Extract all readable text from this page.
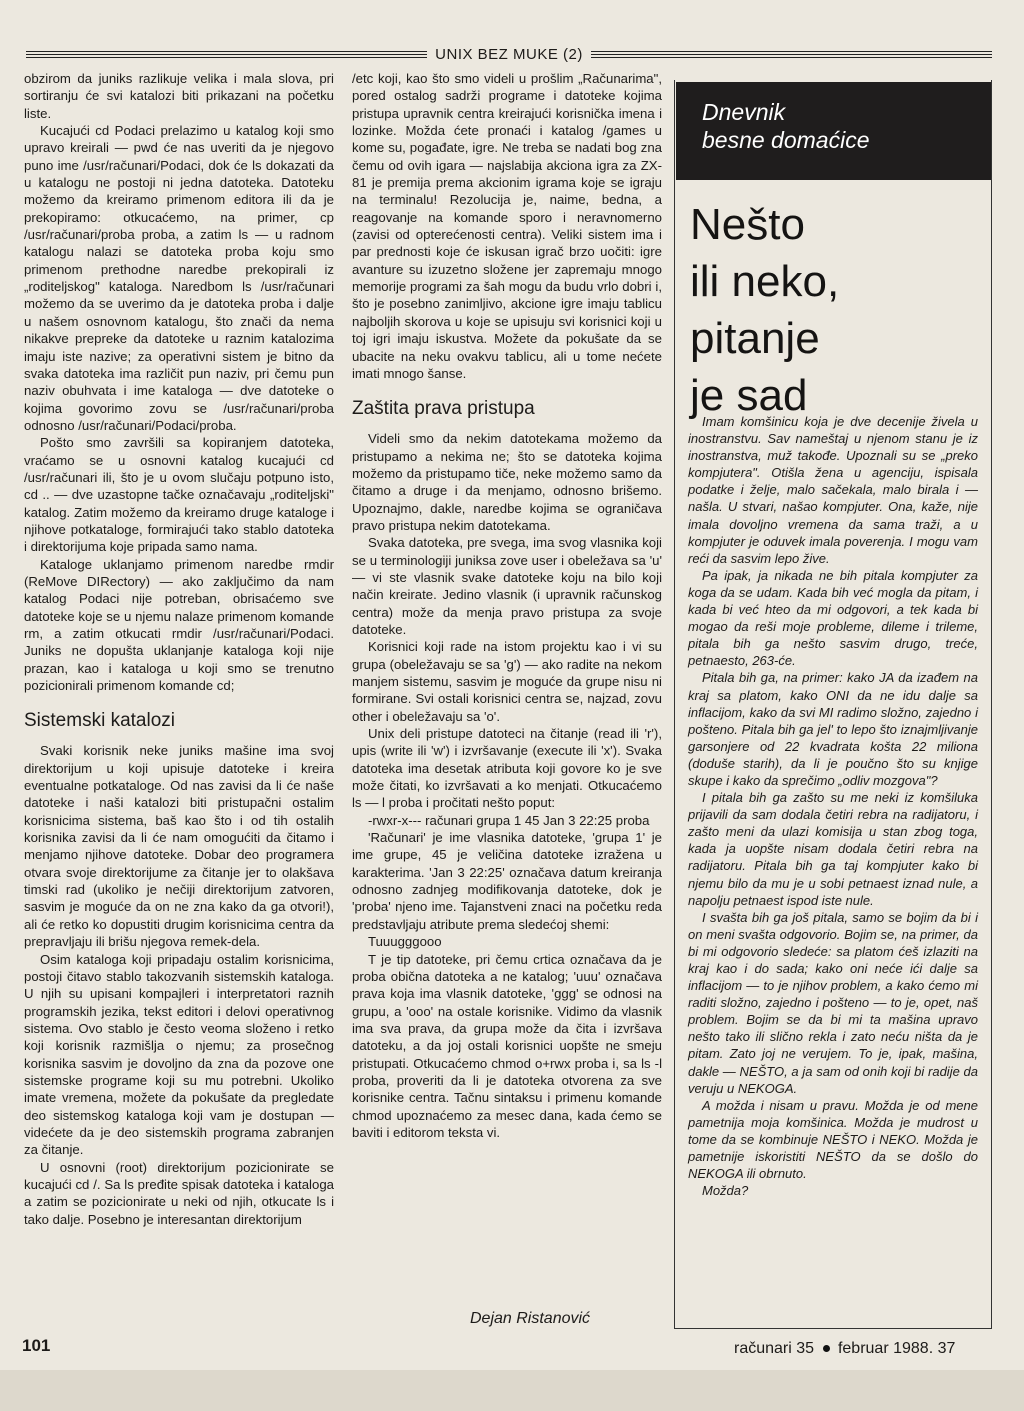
UNIX BEZ MUKE (2)

obzirom da juniks razlikuje velika i mala slova, pri sortiranju će svi katalozi biti prikazani na početku liste.

Kucajući cd Podaci prelazimo u katalog koji smo upravo kreirali — pwd će nas uveriti da je njegovo puno ime /usr/računari/Podaci, dok će ls dokazati da u katalogu ne postoji ni jedna datoteka. Datoteku možemo da kreiramo primenom editora ili da je prekopiramo: otkucaćemo, na primer, cp /usr/računari/proba proba, a zatim ls — u radnom katalogu nalazi se datoteka proba koju smo primenom prethodne naredbe prekopirali iz „roditeljskog" kataloga. Naredbom ls /usr/računari možemo da se uverimo da je datoteka proba i dalje u našem osnovnom katalogu, što znači da nema nikakve prepreke da datoteke u raznim katalozima imaju iste nazive; za operativni sistem je bitno da svaka datoteka ima različit pun naziv, pri čemu pun naziv obuhvata i ime kataloga — dve datoteke o kojima govorimo zovu se /usr/računari/proba odnosno /usr/računari/Podaci/proba.

Pošto smo završili sa kopiranjem datoteka, vraćamo se u osnovni katalog kucajući cd /usr/računari ili, što je u ovom slučaju potpuno isto, cd .. — dve uzastopne tačke označavaju „roditeljski" katalog. Zatim možemo da kreiramo druge kataloge i njihove potkataloge, formirajući tako stablo datoteka i direktorijuma koje pripada samo nama.

Kataloge uklanjamo primenom naredbe rmdir (ReMove DIRectory) — ako zaključimo da nam katalog Podaci nije potreban, obrisaćemo sve datoteke koje se u njemu nalaze primenom komande rm, a zatim otkucati rmdir /usr/računari/Podaci. Juniks ne dopušta uklanjanje kataloga koji nije prazan, kao i kataloga u koji smo se trenutno pozicionirali primenom komande cd;

Sistemski katalozi

Svaki korisnik neke juniks mašine ima svoj direktorijum u koji upisuje datoteke i kreira eventualne potkataloge. Od nas zavisi da li će naše datoteke i naši katalozi biti pristupačni ostalim korisnicima sistema, baš kao što i od tih ostalih korisnika zavisi da li će nam omogućiti da čitamo i menjamo njihove datoteke. Dobar deo programera otvara svoje direktorijume za čitanje jer to olakšava timski rad (ukoliko je nečiji direktorijum zatvoren, sasvim je moguće da on ne zna kako da ga otvori!), ali će retko ko dopustiti drugim korisnicima centra da prepravljaju ili brišu njegova remek-dela.

Osim kataloga koji pripadaju ostalim korisnicima, postoji čitavo stablo takozvanih sistemskih kataloga. U njih su upisani kompajleri i interpretatori raznih programskih jezika, tekst editori i delovi operativnog sistema. Ovo stablo je često veoma složeno i retko koji korisnik razmišlja o njemu; za prosečnog korisnika sasvim je dovoljno da zna da pozove one sistemske programe koji su mu potrebni. Ukoliko imate vremena, možete da pokušate da pregledate deo sistemskog kataloga koji vam je dostupan — videćete da je deo sistemskih programa zabranjen za čitanje.

U osnovni (root) direktorijum pozicionirate se kucajući cd /. Sa ls pređite spisak datoteka i kataloga a zatim se pozicionirate u neki od njih, otkucate ls i tako dalje. Posebno je interesantan direktorijum

/etc koji, kao što smo videli u prošlim „Računarima", pored ostalog sadrži programe i datoteke kojima pristupa upravnik centra kreirajući korisnička imena i lozinke. Možda ćete pronaći i katalog /games u kome su, pogađate, igre. Ne treba se nadati bog zna čemu od ovih igara — najslabija akciona igra za ZX-81 je premija prema akcionim igrama koje se igraju na terminalu! Rezolucija je, naime, bedna, a reagovanje na komande sporo i neravnomerno (zavisi od opterećenosti centra). Veliki sistem ima i par prednosti koje će iskusan igrač brzo uočiti: igre avanture su izuzetno složene jer zapremaju mnogo memorije programi za šah mogu da budu vrlo dobri i, što je posebno zanimljivo, akcione igre imaju tablicu najboljih skorova u koje se upisuju svi korisnici koji u toj igri imaju iskustva. Možete da pokušate da se ubacite na neku ovakvu tablicu, ali u tome nećete imati mnogo šanse.

Zaštita prava pristupa

Videli smo da nekim datotekama možemo da pristupamo a nekima ne; što se datoteka kojima možemo da pristupamo tiče, neke možemo samo da čitamo a druge i da menjamo, odnosno brišemo. Upoznajmo, dakle, naredbe kojima se ograničava pravo pristupa nekim datotekama.

Svaka datoteka, pre svega, ima svog vlasnika koji se u terminologiji juniksa zove user i obeležava sa 'u' — vi ste vlasnik svake datoteke koju na bilo koji način kreirate. Jedino vlasnik (i upravnik računskog centra) može da menja pravo pristupa za svoje datoteke.

Korisnici koji rade na istom projektu kao i vi su grupa (obeležavaju se sa 'g') — ako radite na nekom manjem sistemu, sasvim je moguće da grupe nisu ni formirane. Svi ostali korisnici centra se, najzad, zovu other i obeležavaju sa 'o'.

Unix deli pristupe datoteci na čitanje (read ili 'r'), upis (write ili 'w') i izvršavanje (execute ili 'x'). Svaka datoteka ima desetak atributa koji govore ko je sve može čitati, ko izvršavati a ko menjati. Otkucaćemo ls — l proba i pročitati nešto poput:

-rwxr-x--- računari grupa 1 45 Jan 3 22:25 proba

'Računari' je ime vlasnika datoteke, 'grupa 1' je ime grupe, 45 je veličina datoteke izražena u karakterima. 'Jan 3 22:25' označava datum kreiranja odnosno zadnjeg modifikovanja datoteke, dok je 'proba' njeno ime. Tajanstveni znaci na početku reda predstavljaju atribute prema sledećoj shemi:

Tuuugggooo

T je tip datoteke, pri čemu crtica označava da je proba obična datoteka a ne katalog; 'uuu' označava prava koja ima vlasnik datoteke, 'ggg' se odnosi na grupu, a 'ooo' na ostale korisnike. Vidimo da vlasnik ima sva prava, da grupa može da čita i izvršava datoteku, a da joj ostali korisnici uopšte ne smeju pristupati. Otkucaćemo chmod o+rwx proba i, sa ls -l proba, proveriti da li je datoteka otvorena za sve korisnike centra. Tačnu sintaksu i primenu komande chmod upoznaćemo za mesec dana, kada ćemo se baviti i editorom teksta vi.

Dejan Ristanović
Dnevnik
besne domaćice
Nešto
ili neko,
pitanje
je sad

Imam komšinicu koja je dve decenije živela u inostranstvu. Sav nameštaj u njenom stanu je iz inostranstva, muž takođe. Upoznali su se „preko kompjutera". Otišla žena u agenciju, ispisala podatke i želje, malo sačekala, malo birala i — našla. U stvari, našao kompjuter. Ona, kaže, nije imala dovoljno vremena da sama traži, a u kompjuter je oduvek imala poverenja. I mogu vam reći da sasvim lepo žive.

Pa ipak, ja nikada ne bih pitala kompjuter za koga da se udam. Kada bih već mogla da pitam, i kada bi već hteo da mi odgovori, a tek kada bi mogao da reši moje probleme, dileme i trileme, pitala bih ga nešto sasvim drugo, treće, petnaesto, 263-će.

Pitala bih ga, na primer: kako JA da izađem na kraj sa platom, kako ONI da ne idu dalje sa inflacijom, kako da svi MI radimo složno, zajedno i pošteno. Pitala bih ga jel' to lepo što iznajmljivanje garsonjere od 22 kvadrata košta 22 miliona (doduše starih), da li je poučno što su knjige skupe i kako da sprečimo „odliv mozgova"?

I pitala bih ga zašto su me neki iz komšiluka prijavili da sam dodala četiri rebra na radijatoru, i zašto meni da ulazi komisija u stan zbog toga, kada ja uopšte nisam dodala četiri rebra na radijatoru. Pitala bih ga taj kompjuter kako bi njemu bilo da mu je u sobi petnaest iznad nule, a napolju petnaest ispod iste nule.

I svašta bih ga još pitala, samo se bojim da bi i on meni svašta odgovorio. Bojim se, na primer, da bi mi odgovorio sledeće: sa platom ćeš izlaziti na kraj kao i do sada; kako oni neće ići dalje sa inflacijom — to je njihov problem, a kako ćemo mi raditi složno, zajedno i pošteno — to je, opet, naš problem. Bojim se da bi mi ta mašina upravo nešto tako ili slično rekla i zato neću ništa da je pitam. Zato joj ne verujem. To je, ipak, mašina, dakle — NEŠTO, a ja sam od onih koji bi radije da veruju u NEKOGA.

A možda i nisam u pravu. Možda je od mene pametnija moja komšinica. Možda je mudrost u tome da se kombinuje NEŠTO i NEKO. Možda je pametnije iskoristiti NEŠTO da se došlo do NEKOGA ili obrnuto.

Možda?

101	računari 35 februar 1988. 37
